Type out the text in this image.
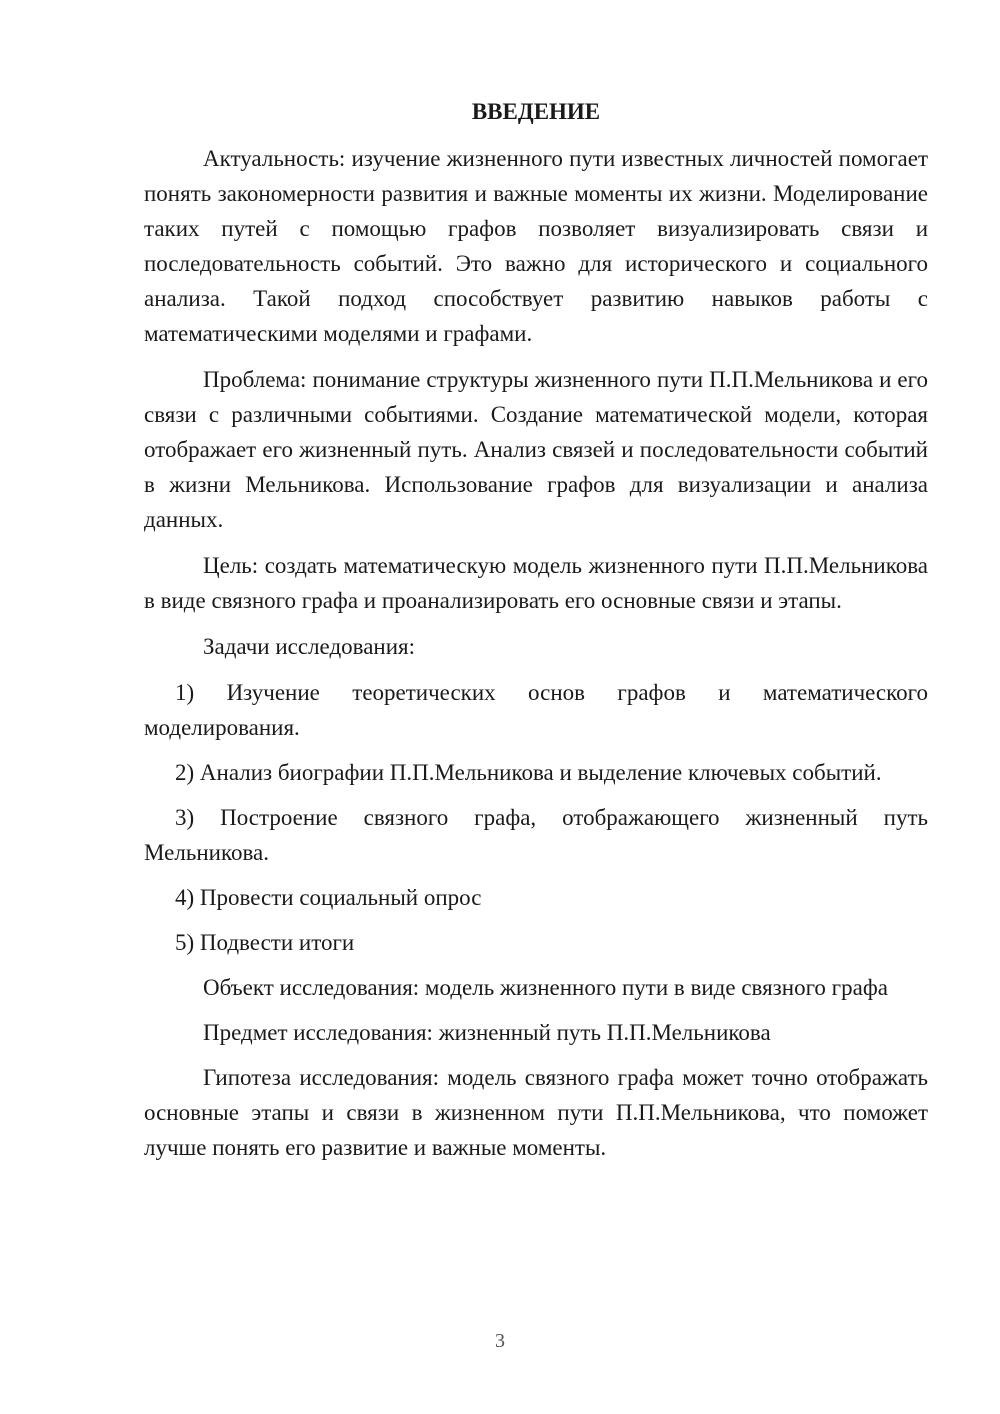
ВВЕДЕНИЕ

Актуальность: изучение жизненного пути известных личностей помогает понять закономерности развития и важные моменты их жизни. Моделирование таких путей с помощью графов позволяет визуализировать связи и последовательность событий. Это важно для исторического и социального анализа. Такой подход способствует развитию навыков работы с математическими моделями и графами.

Проблема: понимание структуры жизненного пути П.П.Мельникова и его связи с различными событиями. Создание математической модели, которая отображает его жизненный путь. Анализ связей и последовательности событий в жизни Мельникова. Использование графов для визуализации и анализа данных.

Цель: создать математическую модель жизненного пути П.П.Мельникова в виде связного графа и проанализировать его основные связи и этапы.

Задачи исследования:

1) Изучение теоретических основ графов и математического моделирования.

2) Анализ биографии П.П.Мельникова и выделение ключевых событий.

3) Построение связного графа, отображающего жизненный путь Мельникова.

4) Провести социальный опрос

5) Подвести итоги

Объект исследования: модель жизненного пути в виде связного графа

Предмет исследования: жизненный путь П.П.Мельникова

Гипотеза исследования: модель связного графа может точно отображать основные этапы и связи в жизненном пути П.П.Мельникова, что поможет лучше понять его развитие и важные моменты.

3
